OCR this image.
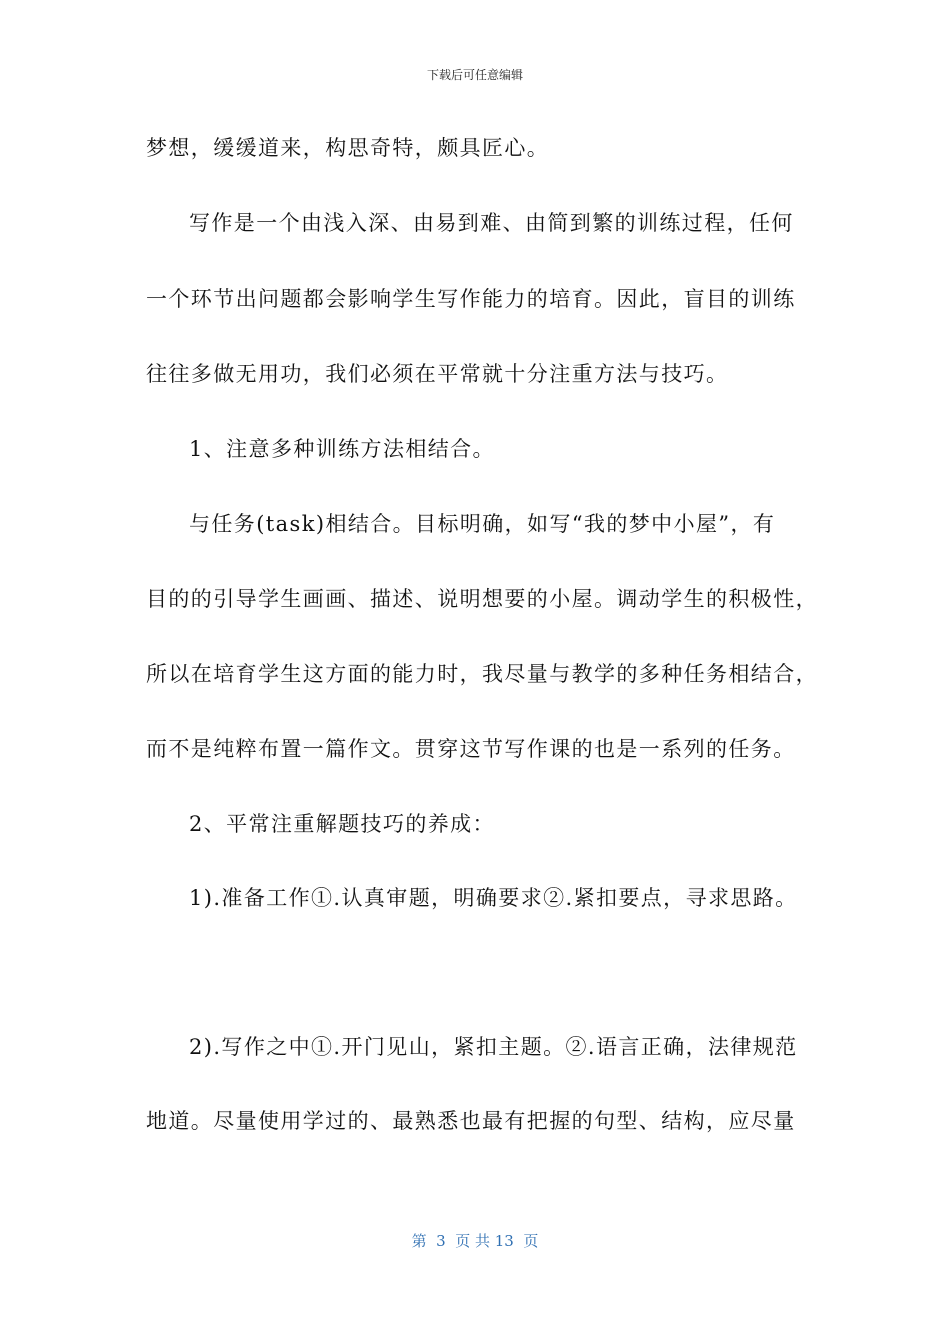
下载后可任意编辑
梦想，缓缓道来，构思奇特，颇具匠心。
写作是一个由浅入深、由易到难、由简到繁的训练过程，任何
一个环节出问题都会影响学生写作能力的培育。因此，盲目的训练
往往多做无用功，我们必须在平常就十分注重方法与技巧。
1、注意多种训练方法相结合。
与任务(task)相结合。目标明确，如写“我的梦中小屋”，有
目的的引导学生画画、描述、说明想要的小屋。调动学生的积极性，
所以在培育学生这方面的能力时，我尽量与教学的多种任务相结合，
而不是纯粹布置一篇作文。贯穿这节写作课的也是一系列的任务。
2、平常注重解题技巧的养成：
1).准备工作①.认真审题，明确要求②.紧扣要点，寻求思路。
2).写作之中①.开门见山，紧扣主题。②.语言正确，法律规范
地道。尽量使用学过的、最熟悉也最有把握的句型、结构，应尽量
第  3  页 共 13  页
